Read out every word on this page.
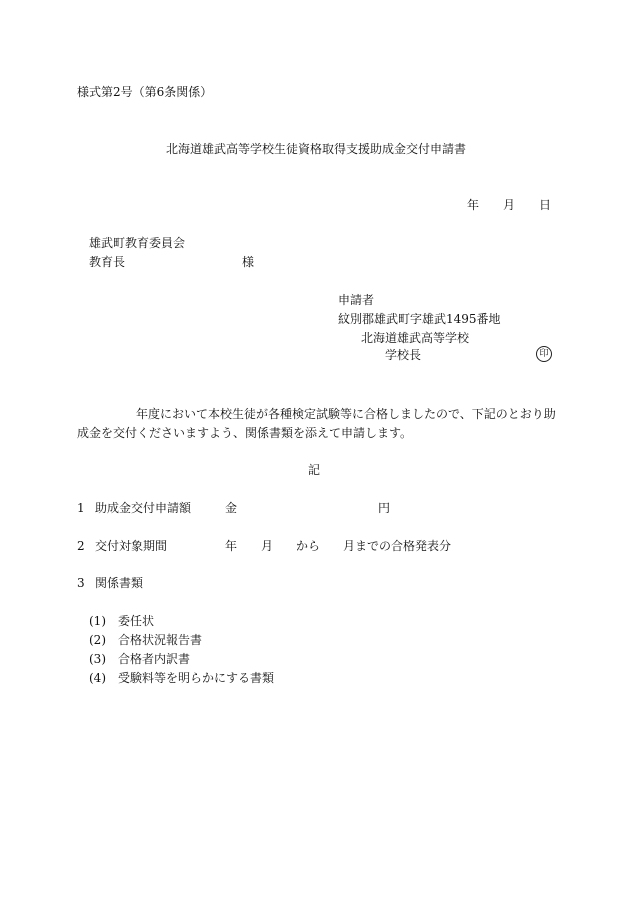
様式第2号（第6条関係）
北海道雄武高等学校生徒資格取得支援助成金交付申請書
年 月 日
雄武町教育委員会
教育長	様
申請者
紋別郡雄武町字雄武1495番地
北海道雄武高等学校
学校長	印
年度において本校生徒が各種検定試験等に合格しましたので、下記のとおり助
成金を交付くださいますよう、関係書類を添えて申請します。
記
1 助成金交付申請額	金	円
2 交付対象期間	年 月 から 月までの合格発表分
3 関係書類
(1) 委任状
(2) 合格状況報告書
(3) 合格者内訳書
(4) 受験料等を明らかにする書類
